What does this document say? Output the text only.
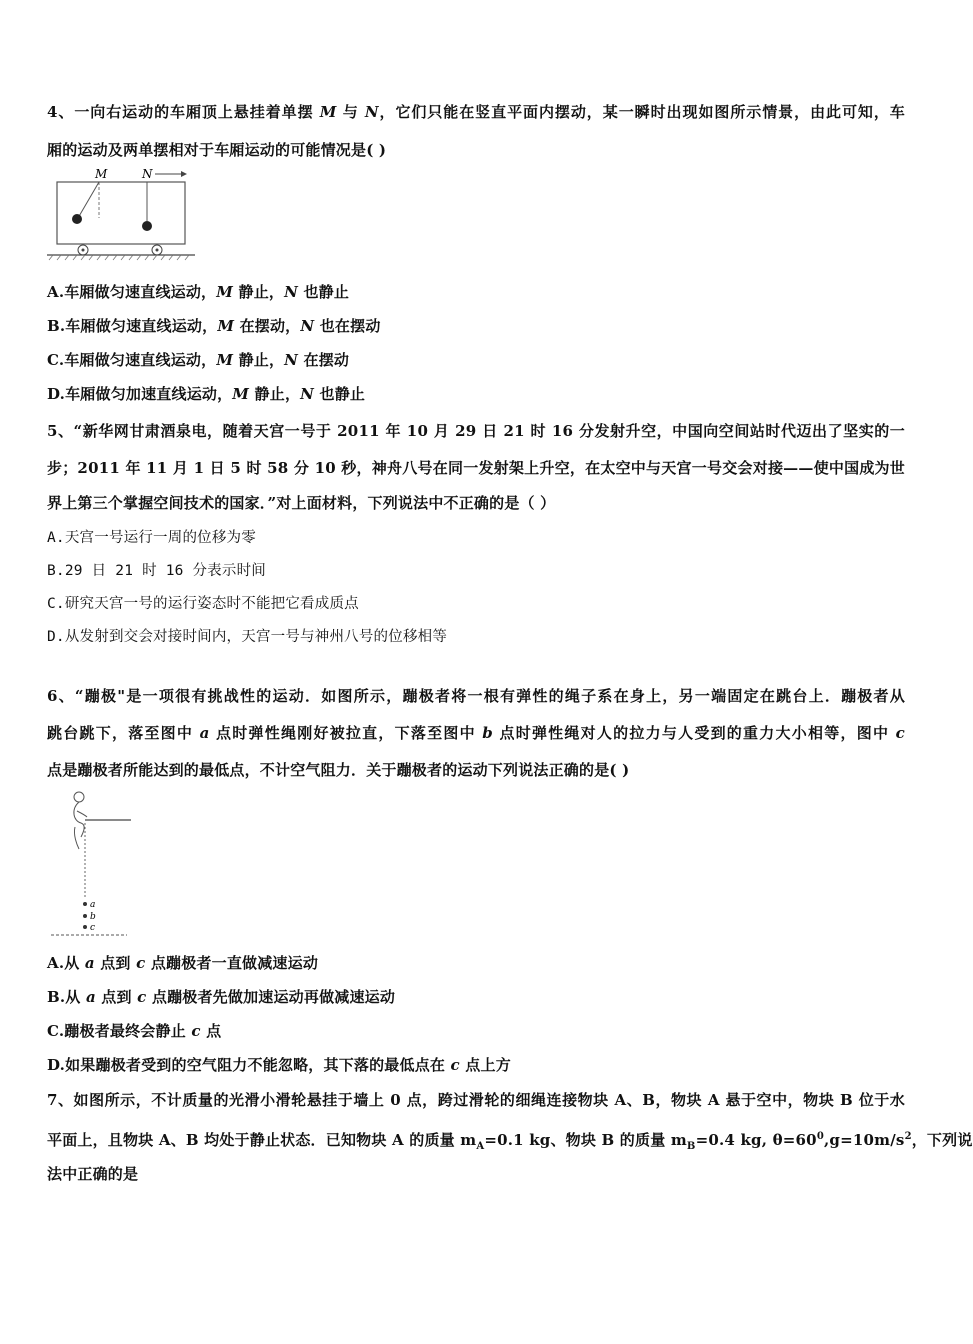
4、一向右运动的车厢顶上悬挂着单摆 M 与 N，它们只能在竖直平面内摆动，某一瞬时出现如图所示情景，由此可知，车
厢的运动及两单摆相对于车厢运动的可能情况是( )
M	N
A.车厢做匀速直线运动，M 静止，N 也静止
B.车厢做匀速直线运动，M 在摆动，N 也在摆动
C.车厢做匀速直线运动，M 静止，N 在摆动
D.车厢做匀加速直线运动，M 静止，N 也静止
5、“新华网甘肃酒泉电，随着天宫一号于 2011 年 10 月 29 日 21 时 16 分发射升空，中国向空间站时代迈出了坚实的一
步；2011 年 11 月 1 日 5 时 58 分 10 秒，神舟八号在同一发射架上升空，在太空中与天宫一号交会对接——使中国成为世
界上第三个掌握空间技术的国家．”对上面材料，下列说法中不正确的是（ ）
A.天宫一号运行一周的位移为零
B.29 日 21 时 16 分表示时间
C.研究天宫一号的运行姿态时不能把它看成质点
D.从发射到交会对接时间内，天宫一号与神州八号的位移相等
6、“蹦极"是一项很有挑战性的运动．如图所示，蹦极者将一根有弹性的绳子系在身上，另一端固定在跳台上．蹦极者从
跳台跳下，落至图中 a 点时弹性绳刚好被拉直，下落至图中 b 点时弹性绳对人的拉力与人受到的重力大小相等，图中 c
点是蹦极者所能达到的最低点，不计空气阻力．关于蹦极者的运动下列说法正确的是( )
a
b
c
A.从 a 点到 c 点蹦极者一直做减速运动
B.从 a 点到 c 点蹦极者先做加速运动再做减速运动
C.蹦极者最终会静止 c 点
D.如果蹦极者受到的空气阻力不能忽略，其下落的最低点在 c 点上方
7、如图所示，不计质量的光滑小滑轮悬挂于墙上 0 点，跨过滑轮的细绳连接物块 A、B，物块 A 悬于空中，物块 B 位于水
平面上，且物块 A、B 均处于静止状态．已知物块 A 的质量 $m_A=0.1$ kg、物块 B 的质量 $m_B=0.4$ kg, $\theta=60^0,g=10m/s^2$，下列说
法中正确的是
